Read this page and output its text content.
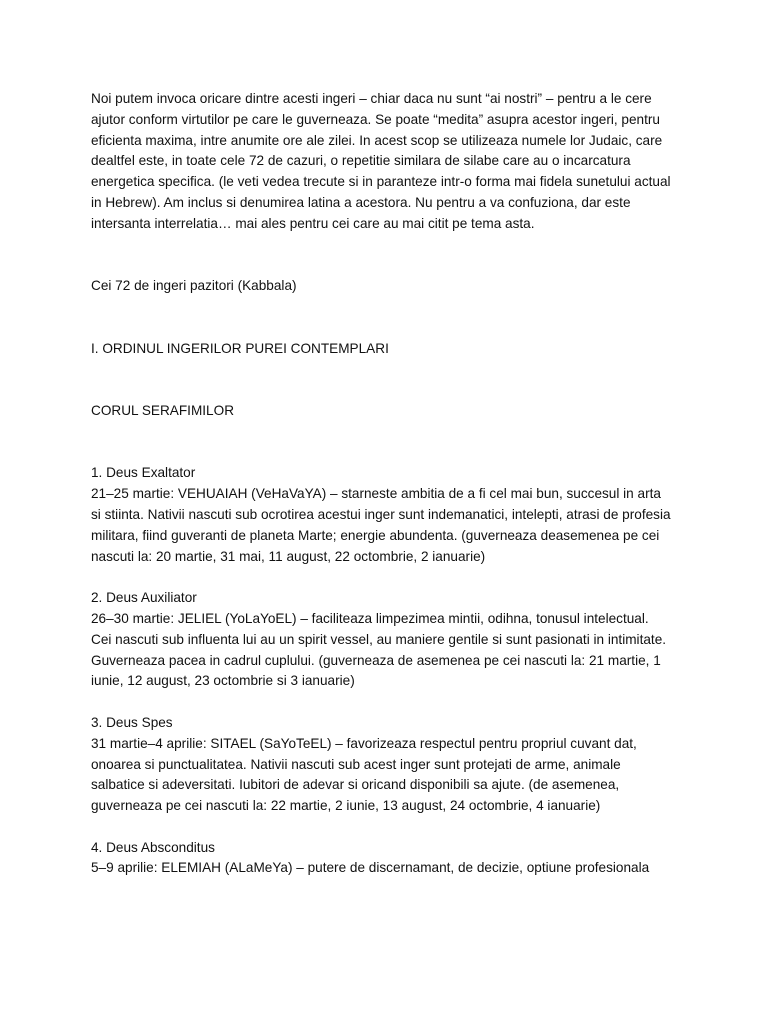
Noi putem invoca oricare dintre acesti ingeri – chiar daca nu sunt “ai nostri” – pentru a le cere ajutor conform virtutilor pe care le guverneaza. Se poate “medita” asupra acestor ingeri, pentru eficienta maxima, intre anumite ore ale zilei. In acest scop se utilizeaza numele lor Judaic, care dealtfel este, in toate cele 72 de cazuri, o repetitie similara de silabe care au o incarcatura energetica specifica. (le veti vedea trecute si in paranteze intr-o forma mai fidela sunetului actual in Hebrew). Am inclus si denumirea latina a acestora. Nu pentru a va confuziona, dar este intersanta interrelatia… mai ales pentru cei care au mai citit pe tema asta.

Cei 72 de ingeri pazitori (Kabbala)

I. ORDINUL INGERILOR PUREI CONTEMPLARI

CORUL SERAFIMILOR

1. Deus Exaltator

21–25 martie: VEHUAIAH (VeHaVaYA) – starneste ambitia de a fi cel mai bun, succesul in arta si stiinta. Nativii nascuti sub ocrotirea acestui inger sunt indemanatici, intelepti, atrasi de profesia militara, fiind guveranti de planeta Marte; energie abundenta. (guverneaza deasemenea pe cei nascuti la: 20 martie, 31 mai, 11 august, 22 octombrie, 2 ianuarie)

2. Deus Auxiliator

26–30 martie: JELIEL (YoLaYoEL) – faciliteaza limpezimea mintii, odihna, tonusul intelectual. Cei nascuti sub influenta lui au un spirit vessel, au maniere gentile si sunt pasionati in intimitate. Guverneaza pacea in cadrul cuplului. (guverneaza de asemenea pe cei nascuti la: 21 martie, 1 iunie, 12 august, 23 octombrie si 3 ianuarie)

3. Deus Spes

31 martie–4 aprilie: SITAEL (SaYoTeEL) – favorizeaza respectul pentru propriul cuvant dat, onoarea si punctualitatea. Nativii nascuti sub acest inger sunt protejati de arme, animale salbatice si adeversitati. Iubitori de adevar si oricand disponibili sa ajute. (de asemenea, guverneaza pe cei nascuti la: 22 martie, 2 iunie, 13 august, 24 octombrie, 4 ianuarie)

4. Deus Absconditus

5–9 aprilie: ELEMIAH (ALaMeYa) – putere de discernamant, de decizie, optiune profesionala
